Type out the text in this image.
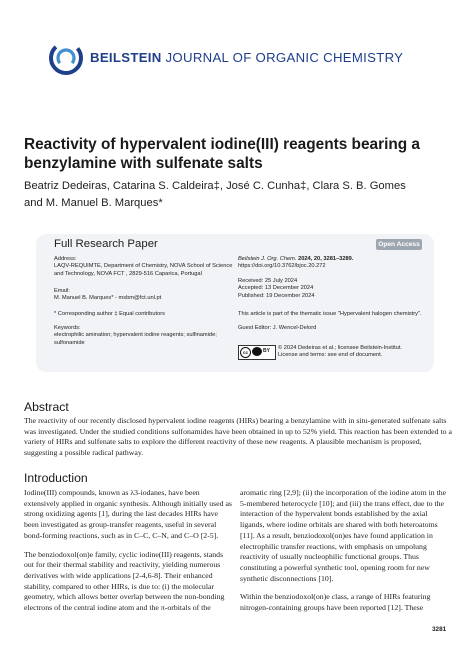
BEILSTEIN JOURNAL OF ORGANIC CHEMISTRY
Reactivity of hypervalent iodine(III) reagents bearing a benzylamine with sulfenate salts
Beatriz Dedeiras, Catarina S. Caldeira‡, José C. Cunha‡, Clara S. B. Gomes
and M. Manuel B. Marques*
Full Research Paper	Open Access
Address:
LAQV-REQUIMTE, Department of Chemistry, NOVA School of Science and Technology, NOVA FCT , 2829-516 Caparica, Portugal
Email:
M. Manuel B. Marques* - msbm@fct.unl.pt
* Corresponding author ‡ Equal contributors
Keywords:
electrophilic amination; hypervalent iodine reagents; sulfinamide; sulfonamide
Beilstein J. Org. Chem. 2024, 20, 3281–3289.
https://doi.org/10.3762/bjoc.20.272
Received: 25 July 2024
Accepted: 13 December 2024
Published: 19 December 2024
This article is part of the thematic issue "Hypervalent halogen chemistry".
Guest Editor: J. Wencel-Delord
cc	BY © 2024 Dedeiras et al.; licensee Beilstein-Institut.
License and terms: see end of document.
Abstract
The reactivity of our recently disclosed hypervalent iodine reagents (HIRs) bearing a benzylamine with in situ-generated sulfenate salts was investigated. Under the studied conditions sulfonamides have been obtained in up to 52% yield. This reaction has been extended to a variety of HIRs and sulfenate salts to explore the different reactivity of these new reagents. A plausible mechanism is proposed, suggesting a possible radical pathway.
Introduction
Iodine(III) compounds, known as λ3-iodanes, have been extensively applied in organic synthesis. Although initially used as strong oxidizing agents [1], during the last decades HIRs have been investigated as group-transfer reagents, useful in several bond-forming reactions, such as in C–C, C–N, and C–O [2-5].
The benziodoxol(on)e family, cyclic iodine(III) reagents, stands out for their thermal stability and reactivity, yielding numerous derivatives with wide applications [2-4,6-8]. Their enhanced stability, compared to other HIRs, is due to: (i) the molecular geometry, which allows better overlap between the non-bonding electrons of the central iodine atom and the π-orbitals of the
aromatic ring [2,9]; (ii) the incorporation of the iodine atom in the 5-membered heterocycle [10]; and (iii) the trans effect, due to the interaction of the hypervalent bonds established by the axial ligands, where iodine orbitals are shared with both heteroatoms [11]. As a result, benziodoxol(on)es have found application in electrophilic transfer reactions, with emphasis on umpolung reactivity of usually nucleophilic functional groups. Thus constituting a powerful synthetic tool, opening room for new synthetic disconnections [10].
Within the benziodoxol(on)e class, a range of HIRs featuring nitrogen-containing groups have been reported [12]. These
3281
